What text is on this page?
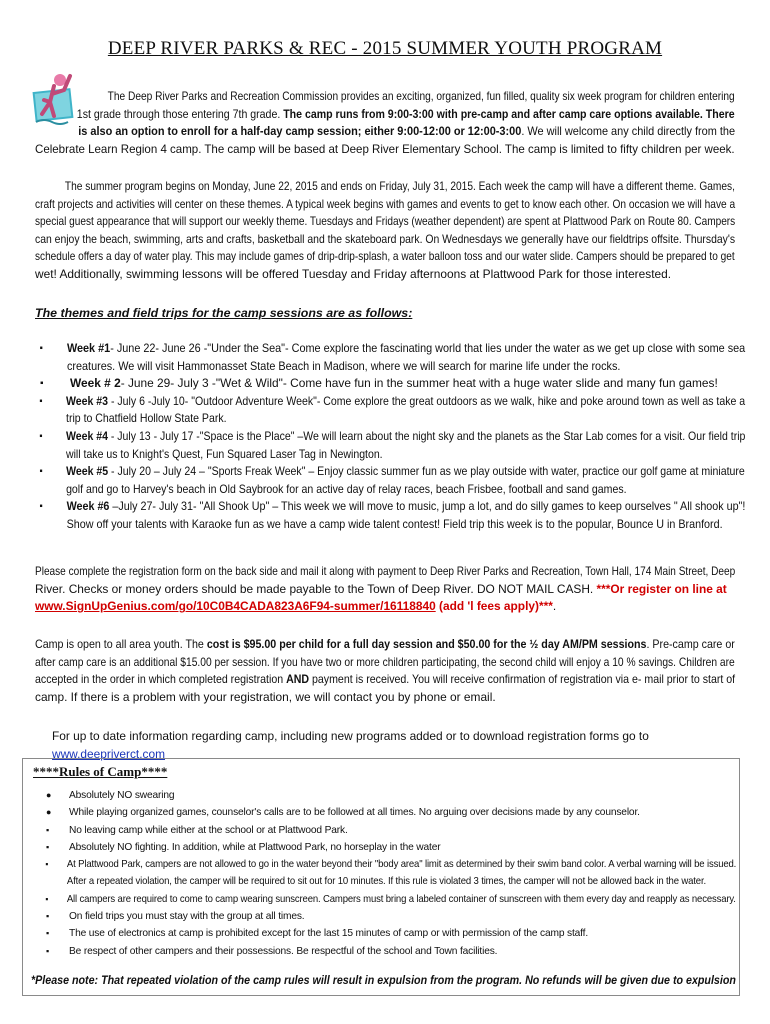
DEEP RIVER PARKS & REC - 2015 SUMMER YOUTH PROGRAM
The Deep River Parks and Recreation Commission provides an exciting, organized, fun filled, quality six week program for children entering
1st grade through those entering 7th grade. The camp runs from 9:00-3:00 with pre-camp and after camp care options available. There
is also an option to enroll for a half-day camp session; either 9:00-12:00 or 12:00-3:00. We will welcome any child directly from the
Celebrate Learn Region 4 camp. The camp will be based at Deep River Elementary School. The camp is limited to fifty children per week.
The summer program begins on Monday, June 22, 2015 and ends on Friday, July 31, 2015. Each week the camp will have a different theme. Games,
craft projects and activities will center on these themes. A typical week begins with games and events to get to know each other. On occasion we will have a
special guest appearance that will support our weekly theme. Tuesdays and Fridays (weather dependent) are spent at Plattwood Park on Route 80. Campers
can enjoy the beach, swimming, arts and crafts, basketball and the skateboard park. On Wednesdays we generally have our fieldtrips offsite. Thursday's
schedule offers a day of water play. This may include games of drip-drip-splash, a water balloon toss and our water slide. Campers should be prepared to get
wet! Additionally, swimming lessons will be offered Tuesday and Friday afternoons at Plattwood Park for those interested.
The themes and field trips for the camp sessions are as follows:
▪ Week #1- June 22- June 26 -"Under the Sea"- Come explore the fascinating world that lies under the water as we get up close with some sea
creatures. We will visit Hammonasset State Beach in Madison, where we will search for marine life under the rocks.
▪ Week # 2- June 29- July 3 -"Wet & Wild"- Come have fun in the summer heat with a huge water slide and many fun games!
▪ Week #3 - July 6 -July 10- "Outdoor Adventure Week"- Come explore the great outdoors as we walk, hike and poke around town as well as take a
trip to Chatfield Hollow State Park.
▪ Week #4 - July 13 - July 17 -"Space is the Place" –We will learn about the night sky and the planets as the Star Lab comes for a visit. Our field trip
will take us to Knight's Quest, Fun Squared Laser Tag in Newington.
▪ Week #5 - July 20 – July 24 – "Sports Freak Week" – Enjoy classic summer fun as we play outside with water, practice our golf game at miniature
golf and go to Harvey's beach in Old Saybrook for an active day of relay races, beach Frisbee, football and sand games.
▪ Week #6 –July 27- July 31- "All Shook Up" – This week we will move to music, jump a lot, and do silly games to keep ourselves " All shook up"!
Show off your talents with Karaoke fun as we have a camp wide talent contest! Field trip this week is to the popular, Bounce U in Branford.
Please complete the registration form on the back side and mail it along with payment to Deep River Parks and Recreation, Town Hall, 174 Main Street, Deep
River. Checks or money orders should be made payable to the Town of Deep River. DO NOT MAIL CASH. ***Or register on line at
www.SignUpGenius.com/go/10C0B4CADA823A6F94-summer/16118840 (add 'l fees apply)***.
Camp is open to all area youth. The cost is $95.00 per child for a full day session and $50.00 for the ½ day AM/PM sessions. Pre-camp care or
after camp care is an additional $15.00 per session. If you have two or more children participating, the second child will enjoy a 10 % savings. Children are
accepted in the order in which completed registration AND payment is received. You will receive confirmation of registration via e- mail prior to start of
camp. If there is a problem with your registration, we will contact you by phone or email.
For up to date information regarding camp, including new programs added or to download registration forms go to www.deepriverct.com
****Rules of Camp****
● Absolutely NO swearing
● While playing organized games, counselor's calls are to be followed at all times. No arguing over decisions made by any counselor.
▪ No leaving camp while either at the school or at Plattwood Park.
▪ Absolutely NO fighting. In addition, while at Plattwood Park, no horseplay in the water
▪ At Plattwood Park, campers are not allowed to go in the water beyond their "body area" limit as determined by their swim band color. A verbal warning will be issued.
After a repeated violation, the camper will be required to sit out for 10 minutes. If this rule is violated 3 times, the camper will not be allowed back in the water.
▪ All campers are required to come to camp wearing sunscreen. Campers must bring a labeled container of sunscreen with them every day and reapply as necessary.
▪ On field trips you must stay with the group at all times.
▪ The use of electronics at camp is prohibited except for the last 15 minutes of camp or with permission of the camp staff.
▪ Be respect of other campers and their possessions. Be respectful of the school and Town facilities.
*Please note: That repeated violation of the camp rules will result in expulsion from the program. No refunds will be given due to expulsion
